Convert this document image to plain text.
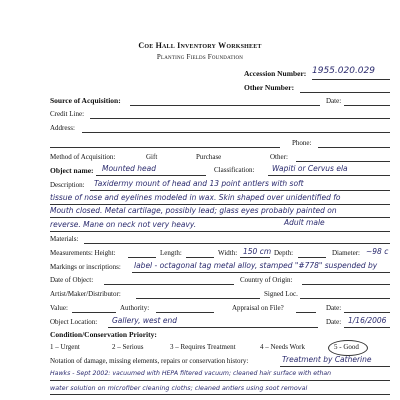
Coe Hall Inventory Worksheet
Planting Fields Foundation
Accession Number: 1955.020.029
Other Number:
Source of Acquisition:	Date:
Credit Line:
Address:
Phone:
Method of Acquisition:	Gift	Purchase	Other:
Object name: Mounted head	Classification: Wapiti or Cervus ela
Description: Taxidermy mount of head and 13 point antlers with soft
tissue of nose and eyelines modeled in wax. Skin shaped over unidentified fo
Mouth closed. Metal cartilage, possibly lead; glass eyes probably painted on
reverse. Mane on neck not very heavy.	Adult male
Materials:
Measurements: Height:	Length:	Width: 150 cm Depth:	Diameter: ~98 c
Markings or inscriptions: label - octagonal tag metal alloy, stamped "#778" suspended by
Date of Object:	Country of Origin:
Artist/Maker/Distributor:	Signed Loc.
Value:	Authority:	Appraisal on File?	Date:
Object Location: Gallery, west end	Date: 1/16/2006
Condition/Conservation Priority:
1 – Urgent	2 – Serious	3 – Requires Treatment	4 – Needs Work	5 - Good
Notation of damage, missing elements, repairs or conservation history:	Treatment by Catherine
Hawks - Sept 2002: vacuumed with HEPA filtered vacuum; cleaned hair surface with ethan
water solution on microfiber cleaning cloths; cleaned antlers using soot removal
